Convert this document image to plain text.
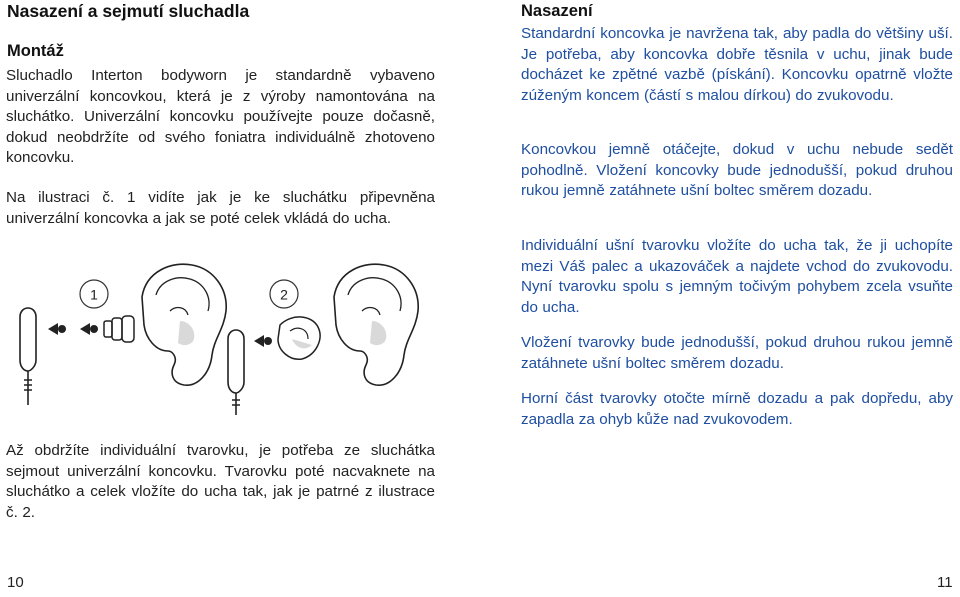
Nasazení a sejmutí sluchadla
Montáž

Sluchadlo Interton bodyworn je standardně vybaveno univerzální koncovkou, která je z výroby namontována na sluchátko. Univerzální koncovku používejte pouze dočasně, dokud neobdržíte od svého foniatra individuálně zhotoveno koncovku.

Na ilustraci č. 1 vidíte jak je ke sluchátku připevněna univerzální koncovka a jak se poté celek vkládá do ucha.

1	2

Až obdržíte individuální tvarovku, je potřeba ze sluchátka sejmout univerzální koncovku. Tvarovku poté nacvaknete na sluchátko a celek vložíte do ucha tak, jak je patrné z ilustrace č. 2.

10
Nasazení

Standardní koncovka je navržena tak, aby padla do většiny uší. Je potřeba, aby koncovka dobře těsnila v uchu, jinak bude docházet ke zpětné vazbě (pískání). Koncovku opatrně vložte zúženým koncem (částí s malou dírkou) do zvukovodu.

Koncovkou jemně otáčejte, dokud v uchu nebude sedět pohodlně. Vložení koncovky bude jednodušší, pokud druhou rukou jemně zatáhnete ušní boltec směrem dozadu.

Individuální ušní tvarovku vložíte do ucha tak, že ji uchopíte mezi Váš palec a ukazováček a najdete vchod do zvukovodu. Nyní tvarovku spolu s jemným točivým pohybem zcela vsuňte do ucha.

Vložení tvarovky bude jednodušší, pokud druhou rukou jemně zatáhnete ušní boltec směrem dozadu.

Horní část tvarovky otočte mírně dozadu a pak dopředu, aby zapadla za ohyb kůže nad zvukovodem.

11
